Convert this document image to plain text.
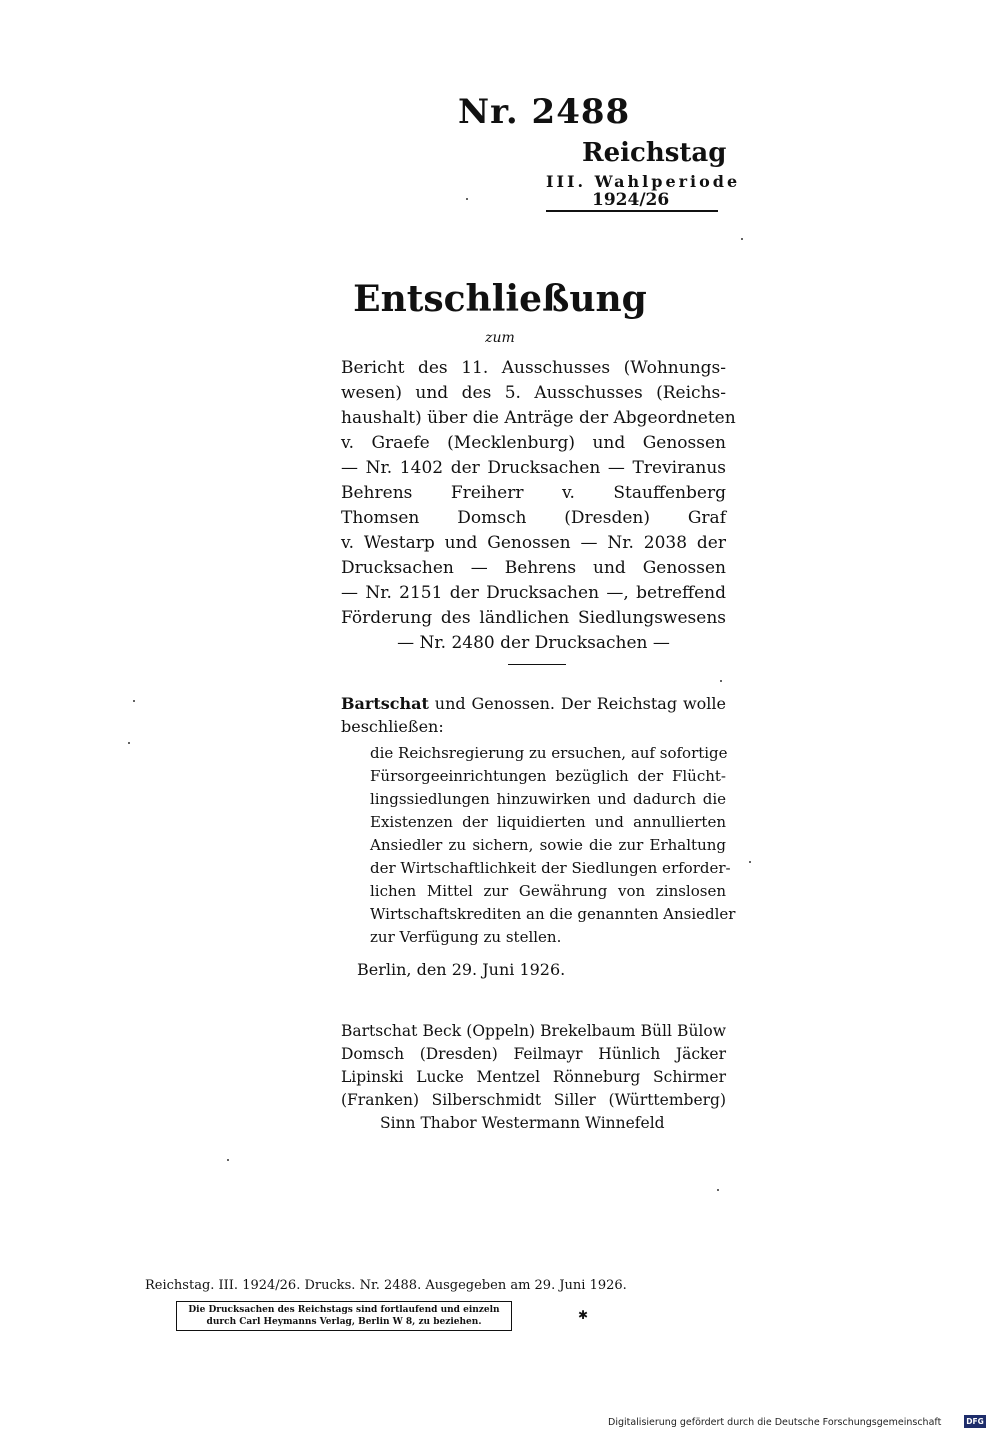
Nr. 2488
Reichstag
III. Wahlperiode
1924/26
Entschließung
zum
Bericht des 11. Ausschusses (Wohnungs-
wesen) und des 5. Ausschusses (Reichs-
haushalt) über die Anträge der Abgeordneten
v. Graefe (Mecklenburg) und Genossen
— Nr. 1402 der Drucksachen — Treviranus
Behrens Freiherr v. Stauffenberg
Thomsen Domsch (Dresden) Graf
v. Westarp und Genossen — Nr. 2038 der
Drucksachen — Behrens und Genossen
— Nr. 2151 der Drucksachen —, betreffend
Förderung des ländlichen Siedlungswesens
— Nr. 2480 der Drucksachen —
Bartschat und Genossen. Der Reichstag wolle
beschließen:
die Reichsregierung zu ersuchen, auf sofortige
Fürsorgeeinrichtungen bezüglich der Flücht-
lingssiedlungen hinzuwirken und dadurch die
Existenzen der liquidierten und annullierten
Ansiedler zu sichern, sowie die zur Erhaltung
der Wirtschaftlichkeit der Siedlungen erforder-
lichen Mittel zur Gewährung von zinslosen
Wirtschaftskrediten an die genannten Ansiedler
zur Verfügung zu stellen.
Berlin, den 29. Juni 1926.
Bartschat Beck (Oppeln) Brekelbaum Büll Bülow
Domsch (Dresden) Feilmayr Hünlich Jäcker
Lipinski Lucke Mentzel Rönneburg Schirmer
(Franken) Silberschmidt Siller (Württemberg)
Sinn Thabor Westermann Winnefeld
Reichstag. III. 1924/26. Drucks. Nr. 2488. Ausgegeben am 29. Juni 1926.
Die Drucksachen des Reichstags sind fortlaufend und einzeln
durch Carl Heymanns Verlag, Berlin W 8, zu beziehen.	✱
Digitalisierung gefördert durch die Deutsche Forschungsgemeinschaft	DFG
